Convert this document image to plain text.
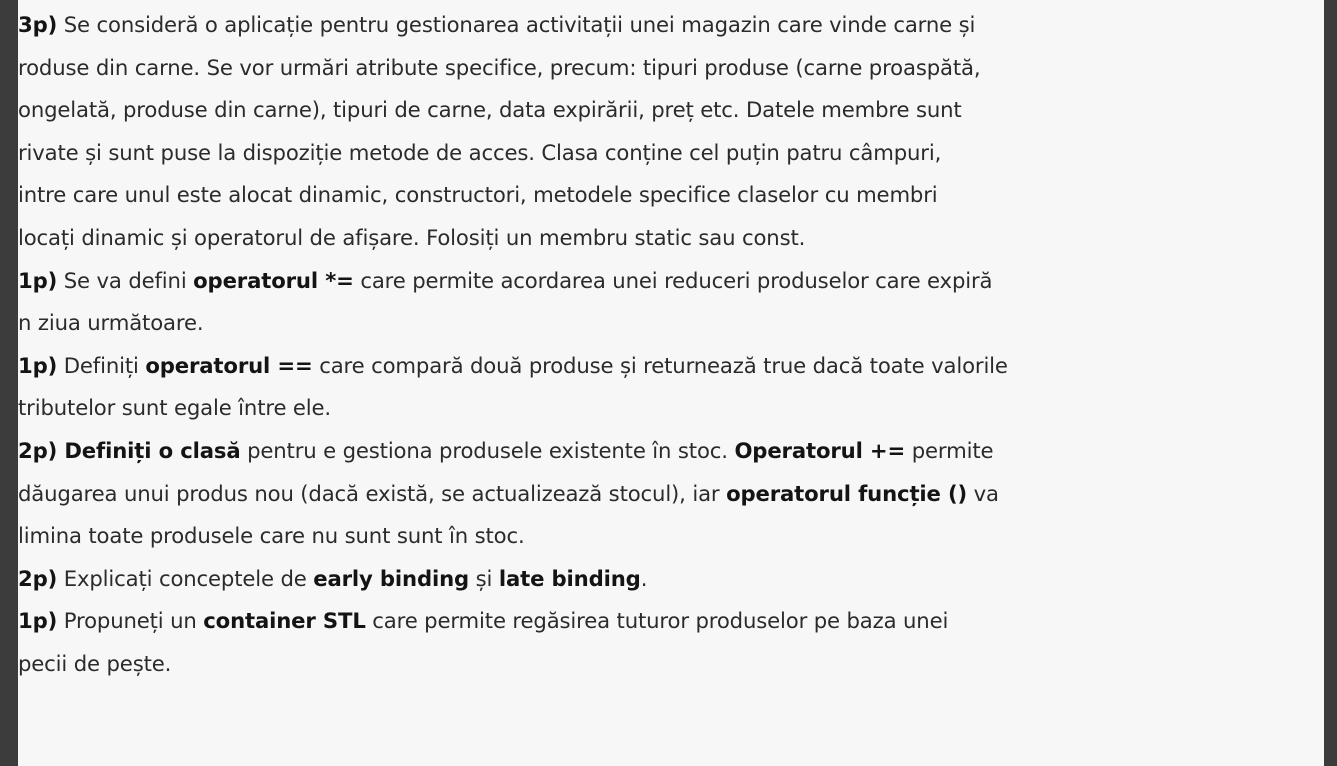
3p) Se consideră o aplicație pentru gestionarea activitații unei magazin care vinde carne și
roduse din carne. Se vor urmări atribute specifice, precum: tipuri produse (carne proaspătă,
ongelată, produse din carne), tipuri de carne, data expirării, preț etc. Datele membre sunt
rivate și sunt puse la dispoziție metode de acces. Clasa conține cel puțin patru câmpuri,
intre care unul este alocat dinamic, constructori, metodele specifice claselor cu membri
locați dinamic și operatorul de afișare. Folosiți un membru static sau const.
1p) Se va defini operatorul *= care permite acordarea unei reduceri produselor care expiră
n ziua următoare.
1p) Definiți operatorul == care compară două produse și returnează true dacă toate valorile
tributelor sunt egale între ele.
2p) Definiți o clasă pentru e gestiona produsele existente în stoc. Operatorul += permite
dăugarea unui produs nou (dacă există, se actualizează stocul), iar operatorul funcție () va
limina toate produsele care nu sunt sunt în stoc.
2p) Explicați conceptele de early binding și late binding.
1p) Propuneți un container STL care permite regăsirea tuturor produselor pe baza unei
pecii de pește.
